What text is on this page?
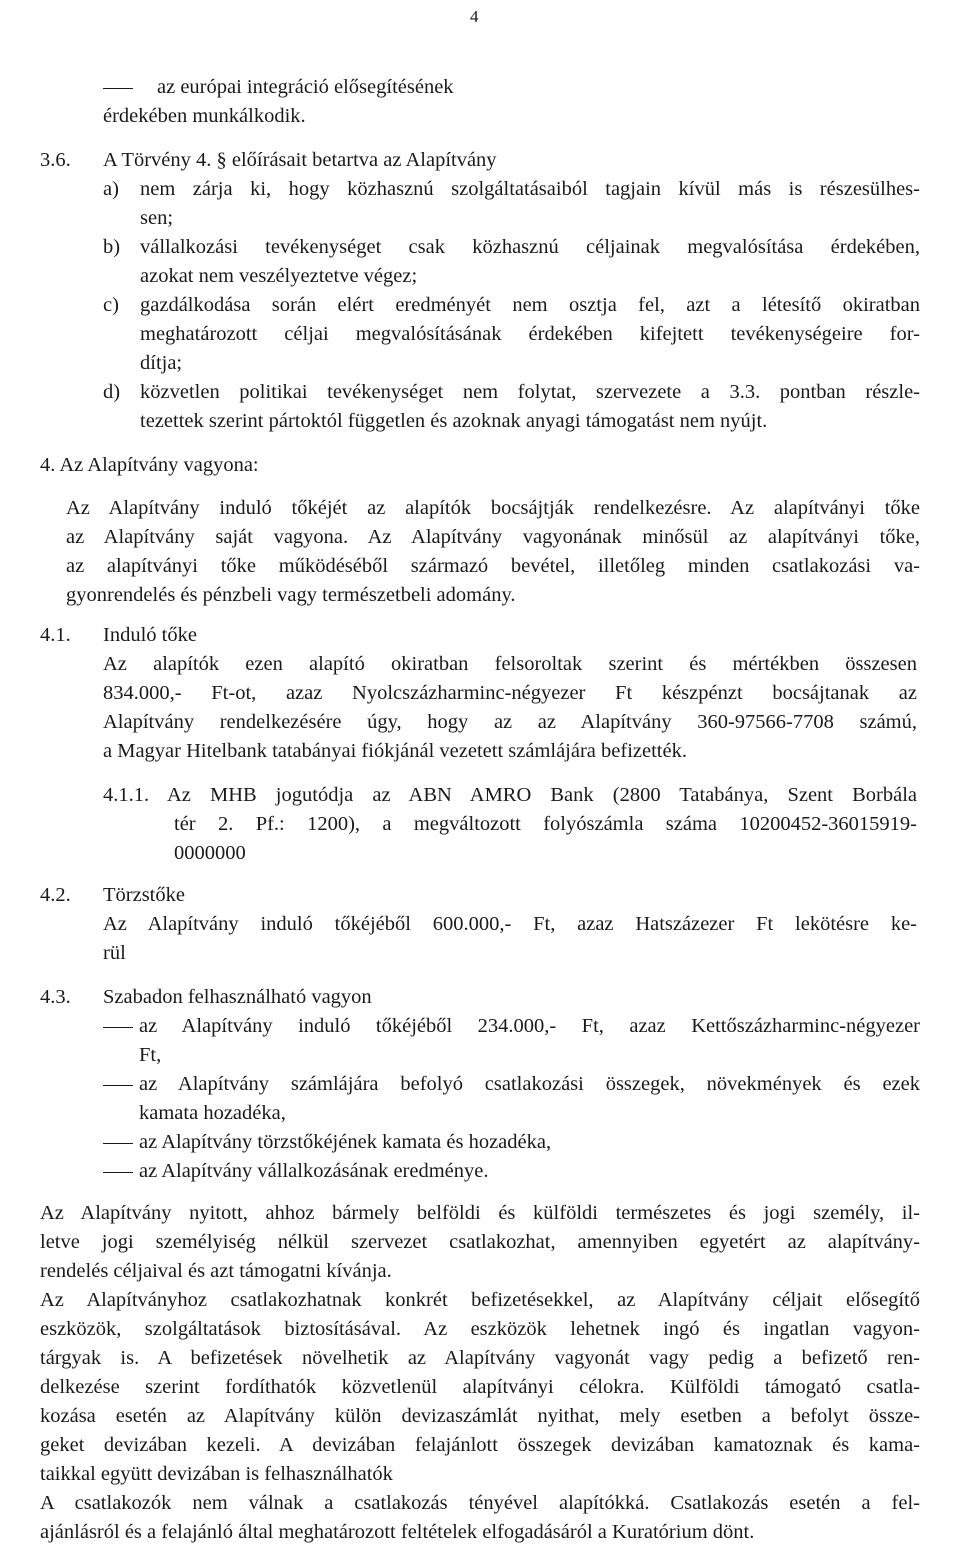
4
az európai integráció elősegítésének
érdekében munkálkodik.
3.6. A Törvény 4. § előírásait betartva az Alapítvány
a) nem zárja ki, hogy közhasznú szolgáltatásaiból tagjain kívül más is részesülhes-
sen;
b) vállalkozási tevékenységet csak közhasznú céljainak megvalósítása érdekében,
azokat nem veszélyeztetve végez;
c) gazdálkodása során elért eredményét nem osztja fel, azt a létesítő okiratban
meghatározott céljai megvalósításának érdekében kifejtett tevékenységeire for-
dítja;
d) közvetlen politikai tevékenységet nem folytat, szervezete a 3.3. pontban részle-
tezettek szerint pártoktól független és azoknak anyagi támogatást nem nyújt.
4. Az Alapítvány vagyona:
Az Alapítvány induló tőkéjét az alapítók bocsájtják rendelkezésre. Az alapítványi tőke
az Alapítvány saját vagyona. Az Alapítvány vagyonának minősül az alapítványi tőke,
az alapítványi tőke működéséből származó bevétel, illetőleg minden csatlakozási va-
gyonrendelés és pénzbeli vagy természetbeli adomány.
4.1. Induló tőke
Az alapítók ezen alapító okiratban felsoroltak szerint és mértékben összesen
834.000,- Ft-ot, azaz Nyolcszázharminc-négyezer Ft készpénzt bocsájtanak az
Alapítvány rendelkezésére úgy, hogy az az Alapítvány 360-97566-7708 számú,
a Magyar Hitelbank tatabányai fiókjánál vezetett számlájára befizették.
4.1.1. Az MHB jogutódja az ABN AMRO Bank (2800 Tatabánya, Szent Borbála
tér 2. Pf.: 1200), a megváltozott folyószámla száma 10200452-36015919-
0000000
4.2. Törzstőke
Az Alapítvány induló tőkéjéből 600.000,- Ft, azaz Hatszázezer Ft lekötésre ke-
rül
4.3. Szabadon felhasználható vagyon
az Alapítvány induló tőkéjéből 234.000,- Ft, azaz Kettőszázharminc-négyezer
Ft,
az Alapítvány számlájára befolyó csatlakozási összegek, növekmények és ezek
kamata hozadéka,
az Alapítvány törzstőkéjének kamata és hozadéka,
az Alapítvány vállalkozásának eredménye.
Az Alapítvány nyitott, ahhoz bármely belföldi és külföldi természetes és jogi személy, il-
letve jogi személyiség nélkül szervezet csatlakozhat, amennyiben egyetért az alapítvány-
rendelés céljaival és azt támogatni kívánja.
Az Alapítványhoz csatlakozhatnak konkrét befizetésekkel, az Alapítvány céljait elősegítő
eszközök, szolgáltatások biztosításával. Az eszközök lehetnek ingó és ingatlan vagyon-
tárgyak is. A befizetések növelhetik az Alapítvány vagyonát vagy pedig a befizető ren-
delkezése szerint fordíthatók közvetlenül alapítványi célokra. Külföldi támogató csatla-
kozása esetén az Alapítvány külön devizaszámlát nyithat, mely esetben a befolyt össze-
geket devizában kezeli. A devizában felajánlott összegek devizában kamatoznak és kama-
taikkal együtt devizában is felhasználhatók
A csatlakozók nem válnak a csatlakozás tényével alapítókká. Csatlakozás esetén a fel-
ajánlásról és a felajánló által meghatározott feltételek elfogadásáról a Kuratórium dönt.
